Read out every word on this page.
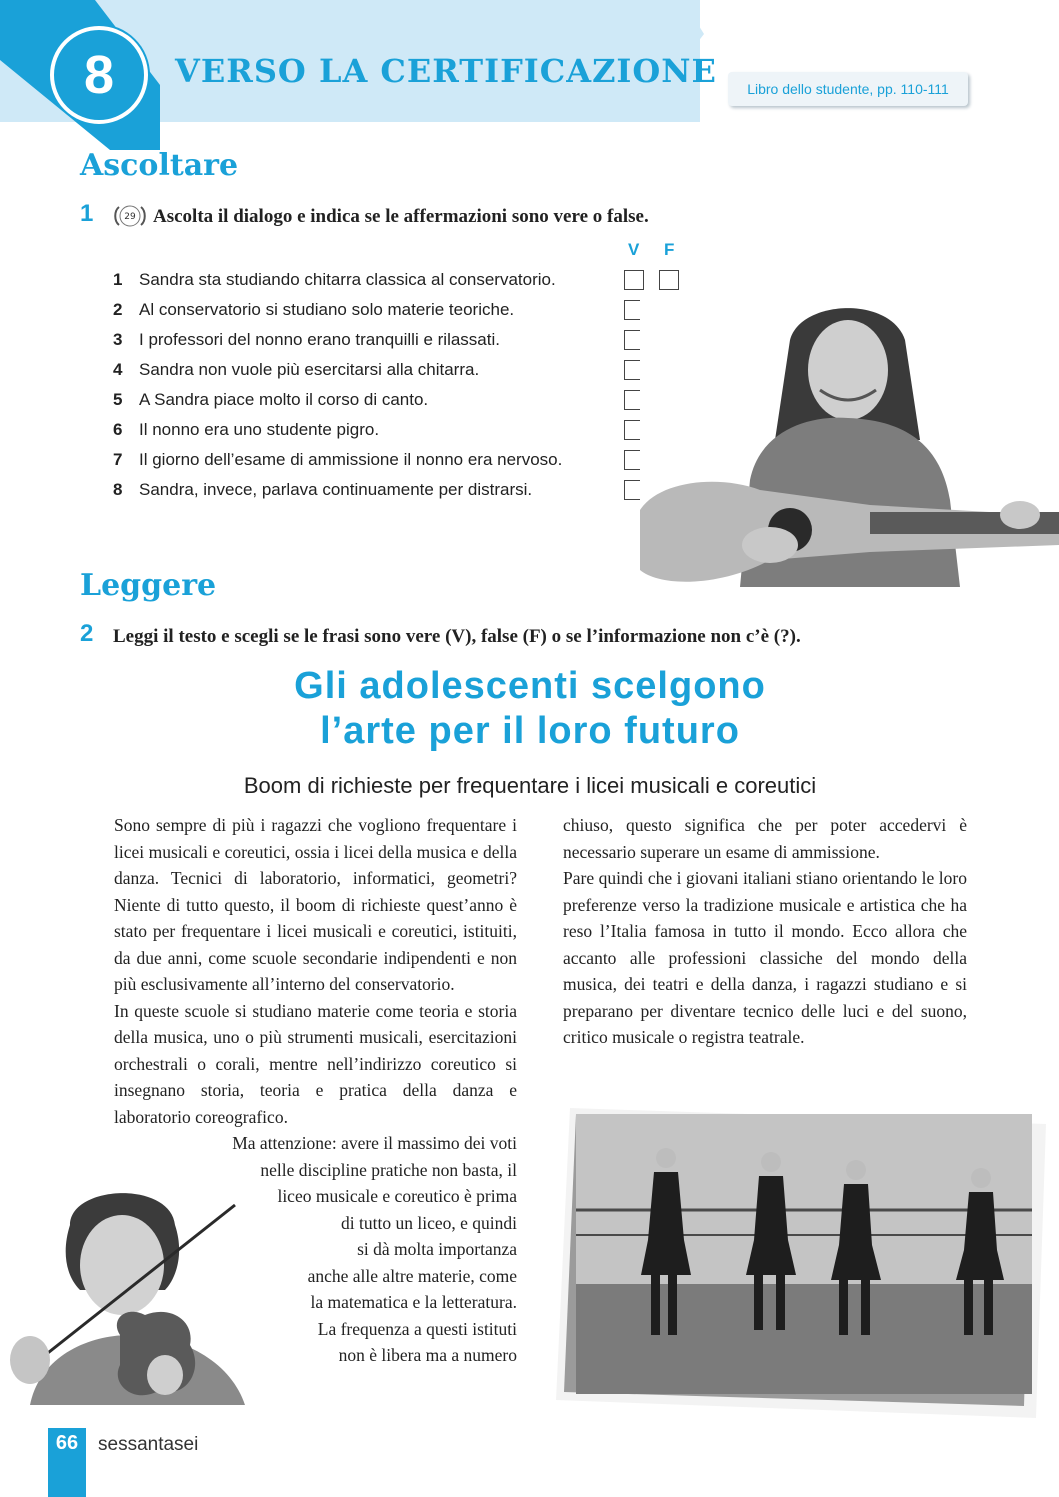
8	VERSO LA CERTIFICAZIONE	Libro dello studente, pp. 110-111
Ascoltare
1	29 Ascolta il dialogo e indica se le affermazioni sono vere o false.
V F
1 Sandra sta studiando chitarra classica al conservatorio.
2 Al conservatorio si studiano solo materie teoriche.
3 I professori del nonno erano tranquilli e rilassati.
4 Sandra non vuole più esercitarsi alla chitarra.
5 A Sandra piace molto il corso di canto.
6 Il nonno era uno studente pigro.
7 Il giorno dell’esame di ammissione il nonno era nervoso.
8 Sandra, invece, parlava continuamente per distrarsi.
Leggere
2 Leggi il testo e scegli se le frasi sono vere (V), false (F) o se l’informazione non c’è (?).
Gli adolescenti scelgono
l’arte per il loro futuro
Boom di richieste per frequentare i licei musicali e coreutici

Sono sempre di più i ragazzi che vogliono frequentare i licei musicali e coreutici, ossia i licei della musica e della danza. Tecnici di laboratorio, informatici, geometri? Niente di tutto questo, il boom di richieste quest’anno è stato per frequentare i licei musicali e coreutici, istituiti, da due anni, come scuole secondarie indipendenti e non più esclusivamente all’interno del conservatorio.

In queste scuole si studiano materie come teoria e storia della musica, uno o più strumenti musicali, esercitazioni orchestrali o corali, mentre nell’indirizzo coreutico si insegnano storia, teoria e pratica della danza e laboratorio coreografico.

Ma attenzione: avere il massimo dei voti
nelle discipline pratiche non basta, il
liceo musicale e coreutico è prima
di tutto un liceo, e quindi
si dà molta importanza
anche alle altre materie, come
la matematica e la letteratura.
La frequenza a questi istituti
non è libera ma a numero

chiuso, questo significa che per poter accedervi è necessario superare un esame di ammissione.

Pare quindi che i giovani italiani stiano orientando le loro preferenze verso la tradizione musicale e artistica che ha reso l’Italia famosa in tutto il mondo. Ecco allora che accanto alle professioni classiche del mondo della musica, dei teatri e della danza, i ragazzi studiano e si preparano per diventare tecnico delle luci e del suono, critico musicale o registra teatrale.

66	sessantasei
